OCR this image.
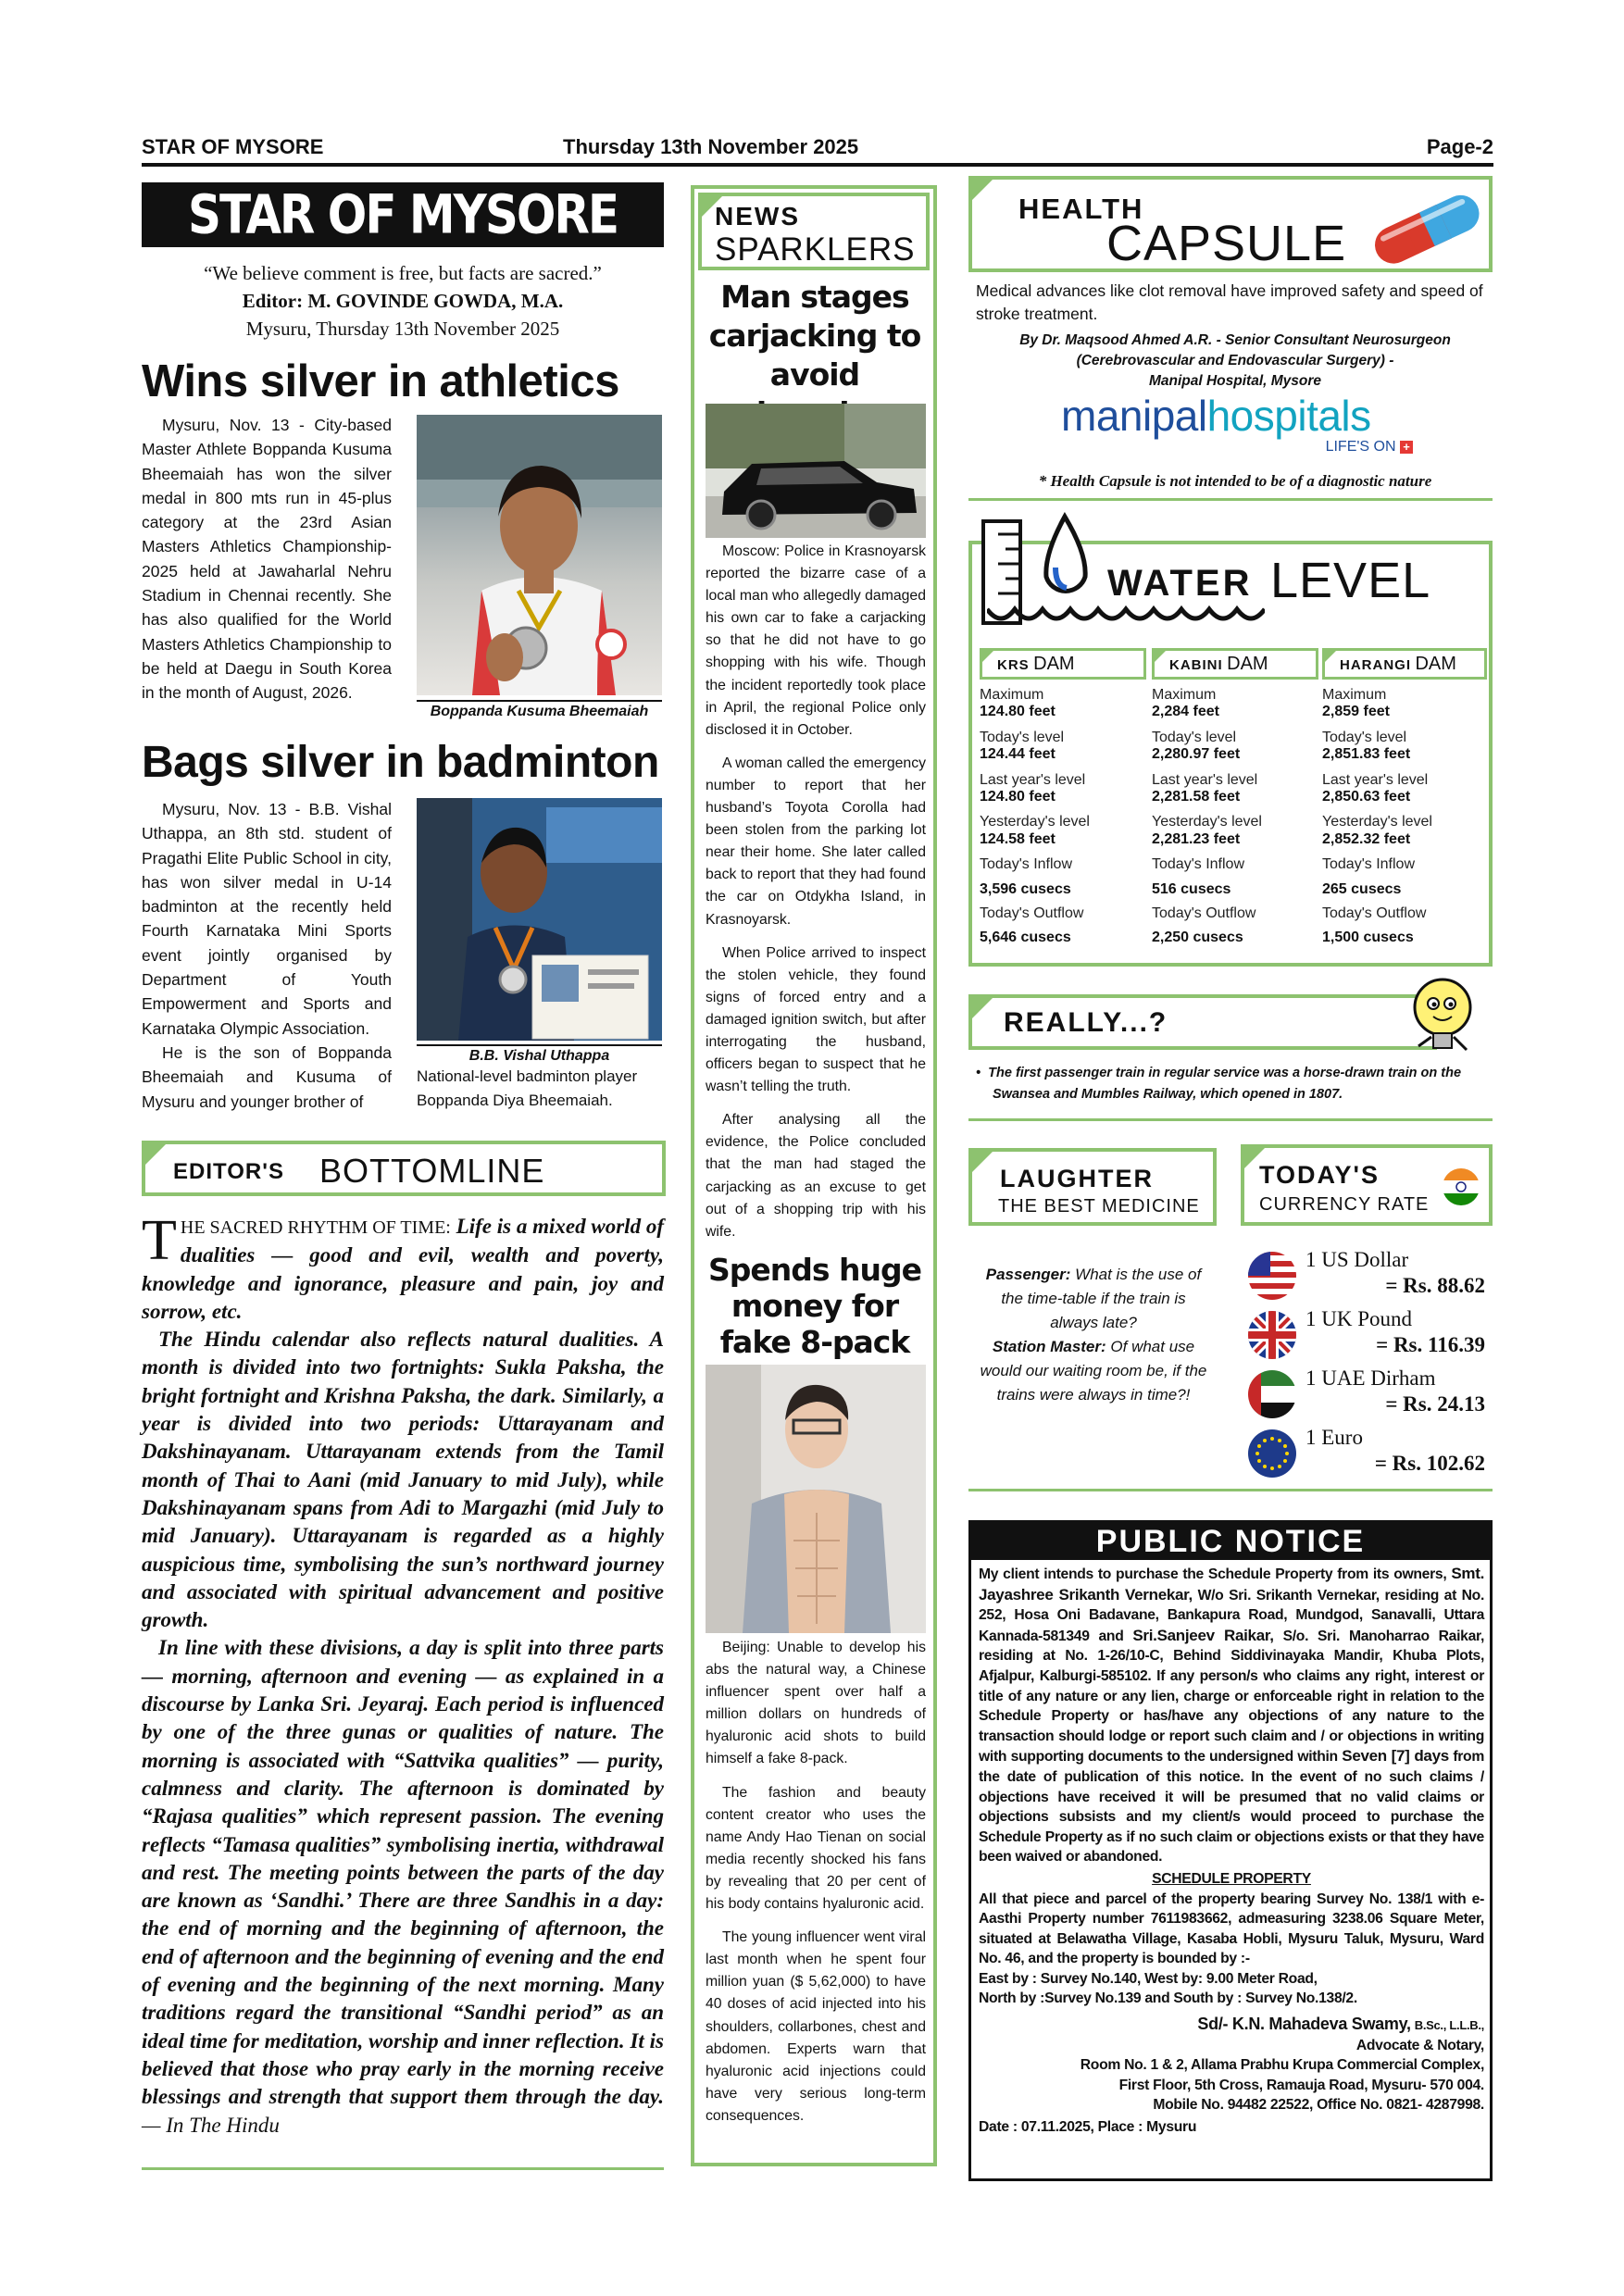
STAR OF MYSORE	Thursday 13th November 2025	Page-2
STAR OF MYSORE
“We believe comment is free, but facts are sacred.”
Editor: M. GOVINDE GOWDA, M.A.
Mysuru, Thursday 13th November 2025
Wins silver in athletics

Mysuru, Nov. 13 - City-based Master Athlete Boppanda Kusuma Bheemaiah has won the silver medal in 800 mts run in 45-plus category at the 23rd Asian Masters Athletics Championship-2025 held at Jawaharlal Nehru Stadium in Chennai recently. She has also qualified for the World Masters Athletics Championship to be held at Daegu in South Korea in the month of August, 2026.

Boppanda Kusuma Bheemaiah
Bags silver in badminton

Mysuru, Nov. 13 - B.B. Vishal Uthappa, an 8th std. student of Pragathi Elite Public School in city, has won silver medal in U-14 badminton at the recently held Fourth Karnataka Mini Sports event jointly organised by Department of Youth Empowerment and Sports and Karnataka Olympic Association.

He is the son of Boppanda Bheemaiah and Kusuma of Mysuru and younger brother of

B.B. Vishal Uthappa
National-level badminton player Boppanda Diya Bheemaiah.
EDITOR'S BOTTOMLINE

T HE SACRED RHYTHM OF TIME: Life is a mixed world of dualities — good and evil, wealth and poverty, knowledge and ignorance, pleasure and pain, joy and sorrow, etc.

The Hindu calendar also reflects natural dualities. A month is divided into two fortnights: Sukla Paksha, the bright fortnight and Krishna Paksha, the dark. Similarly, a year is divided into two periods: Uttarayanam and Dakshinayanam. Uttarayanam extends from the Tamil month of Thai to Aani (mid January to mid July), while Dakshinayanam spans from Adi to Margazhi (mid July to mid January). Uttarayanam is regarded as a highly auspicious time, symbolising the sun’s northward journey and associated with spiritual advancement and positive growth.

In line with these divisions, a day is split into three parts — morning, afternoon and evening — as explained in a discourse by Lanka Sri. Jeyaraj. Each period is influenced by one of the three gunas or qualities of nature. The morning is associated with “Sattvika qualities” — purity, calmness and clarity. The afternoon is dominated by “Rajasa qualities” which represent passion. The evening reflects “Tamasa qualities” symbolising inertia, withdrawal and rest. The meeting points between the parts of the day are known as ‘Sandhi.’ There are three Sandhis in a day: the end of morning and the beginning of afternoon, the end of afternoon and the beginning of evening and the end of evening and the beginning of the next morning. Many traditions regard the transitional “Sandhi period” as an ideal time for meditation, worship and inner reflection. It is believed that those who pray early in the morning receive blessings and strength that support them through the day. — In The Hindu

NEWS
SPARKLERS
Man stages carjacking to avoid

Moscow: Police in Krasnoyarsk reported the bizarre case of a local man who allegedly damaged his own car to fake a carjacking so that he did not have to go shopping with his wife. Though the incident reportedly took place in April, the regional Police only disclosed it in October.

A woman called the emergency number to report that her husband’s Toyota Corolla had been stolen from the parking lot near their home. She later called back to report that they had found the car on Otdykha Island, in Krasnoyarsk.

When Police arrived to inspect the stolen vehicle, they found signs of forced entry and a damaged ignition switch, but after interrogating the husband, officers began to suspect that he wasn’t telling the truth.

After analysing all the evidence, the Police concluded that the man had staged the carjacking as an excuse to get out of a shopping trip with his wife.

Spends huge money for fake 8-pack

Beijing: Unable to develop his abs the natural way, a Chinese influencer spent over half a million dollars on hundreds of hyaluronic acid shots to build himself a fake 8-pack.

The fashion and beauty content creator who uses the name Andy Hao Tienan on social media recently shocked his fans by revealing that 20 per cent of his body contains hyaluronic acid.

The young influencer went viral last month when he spent four million yuan ($ 5,62,000) to have 40 doses of acid injected into his shoulders, collarbones, chest and abdomen. Experts warn that hyaluronic acid injections could have very serious long-term consequences.

HEALTH
CAPSULE

Medical advances like clot removal have improved safety and speed of stroke treatment.

By Dr. Maqsood Ahmed A.R. - Senior Consultant Neurosurgeon
(Cerebrovascular and Endovascular Surgery) -
Manipal Hospital, Mysore
manipalhospitals
LIFE'S ON +
* Health Capsule is not intended to be of a diagnostic nature
WATER LEVEL
KRS DAM
Maximum
124.80 feet
Today's level
124.44 feet
Last year's level
124.80 feet
Yesterday's level
124.58 feet
Today's Inflow
3,596 cusecs
Today's Outflow
5,646 cusecs
KABINI DAM
Maximum
2,284 feet
Today's level
2,280.97 feet
Last year's level
2,281.58 feet
Yesterday's level
2,281.23 feet
Today's Inflow
516 cusecs
Today's Outflow
2,250 cusecs
HARANGI DAM
Maximum
2,859 feet
Today's level
2,851.83 feet
Last year's level
2,850.63 feet
Yesterday's level
2,852.32 feet
Today's Inflow
265 cusecs
Today's Outflow
1,500 cusecs
REALLY...?
•  The first passenger train in regular service was a horse-drawn train on the Swansea and Mumbles Railway, which opened in 1807.
LAUGHTER
THE BEST MEDICINE
Passenger: What is the use of the time-table if the train is always late?
Station Master: Of what use would our waiting room be, if the trains were always in time?!
TODAY'S
CURRENCY RATE
1 US Dollar
= Rs. 88.62
1 UK Pound
= Rs. 116.39
1 UAE Dirham
= Rs. 24.13
1 Euro
= Rs. 102.62
PUBLIC NOTICE
My client intends to purchase the Schedule Property from its owners, Smt. Jayashree Srikanth Vernekar, W/o Sri. Srikanth Vernekar, residing at No. 252, Hosa Oni Badavane, Bankapura Road, Mundgod, Sanavalli, Uttara Kannada-581349 and Sri.Sanjeev Raikar, S/o. Sri. Manoharrao Raikar, residing at No. 1-26/10-C, Behind Siddivinayaka Mandir, Khuba Plots, Afjalpur, Kalburgi-585102. If any person/s who claims any right, interest or title of any nature or any lien, charge or enforceable right in relation to the Schedule Property or has/have any objections of any nature to the transaction should lodge or report such claim and / or objections in writing with supporting documents to the undersigned within Seven [7] days from the date of publication of this notice. In the event of no such claims / objections have received it will be presumed that no valid claims or objections subsists and my client/s would proceed to purchase the Schedule Property as if no such claim or objections exists or that they have been waived or abandoned.
SCHEDULE PROPERTY
All that piece and parcel of the property bearing Survey No. 138/1 with e-Aasthi Property number 7611983662, admeasuring 3238.06 Square Meter, situated at Belawatha Village, Kasaba Hobli, Mysuru Taluk, Mysuru, Ward No. 46, and the property is bounded by :-
East by : Survey No.140, West by: 9.00 Meter Road,
North by :Survey No.139 and South by : Survey No.138/2.
Sd/- K.N. Mahadeva Swamy, B.Sc., L.L.B.,
Advocate & Notary,
Room No. 1 & 2, Allama Prabhu Krupa Commercial Complex,
First Floor, 5th Cross, Ramauja Road, Mysuru- 570 004.
Mobile No. 94482 22522, Office No. 0821- 4287998.
Date : 07.11.2025, Place : Mysuru
